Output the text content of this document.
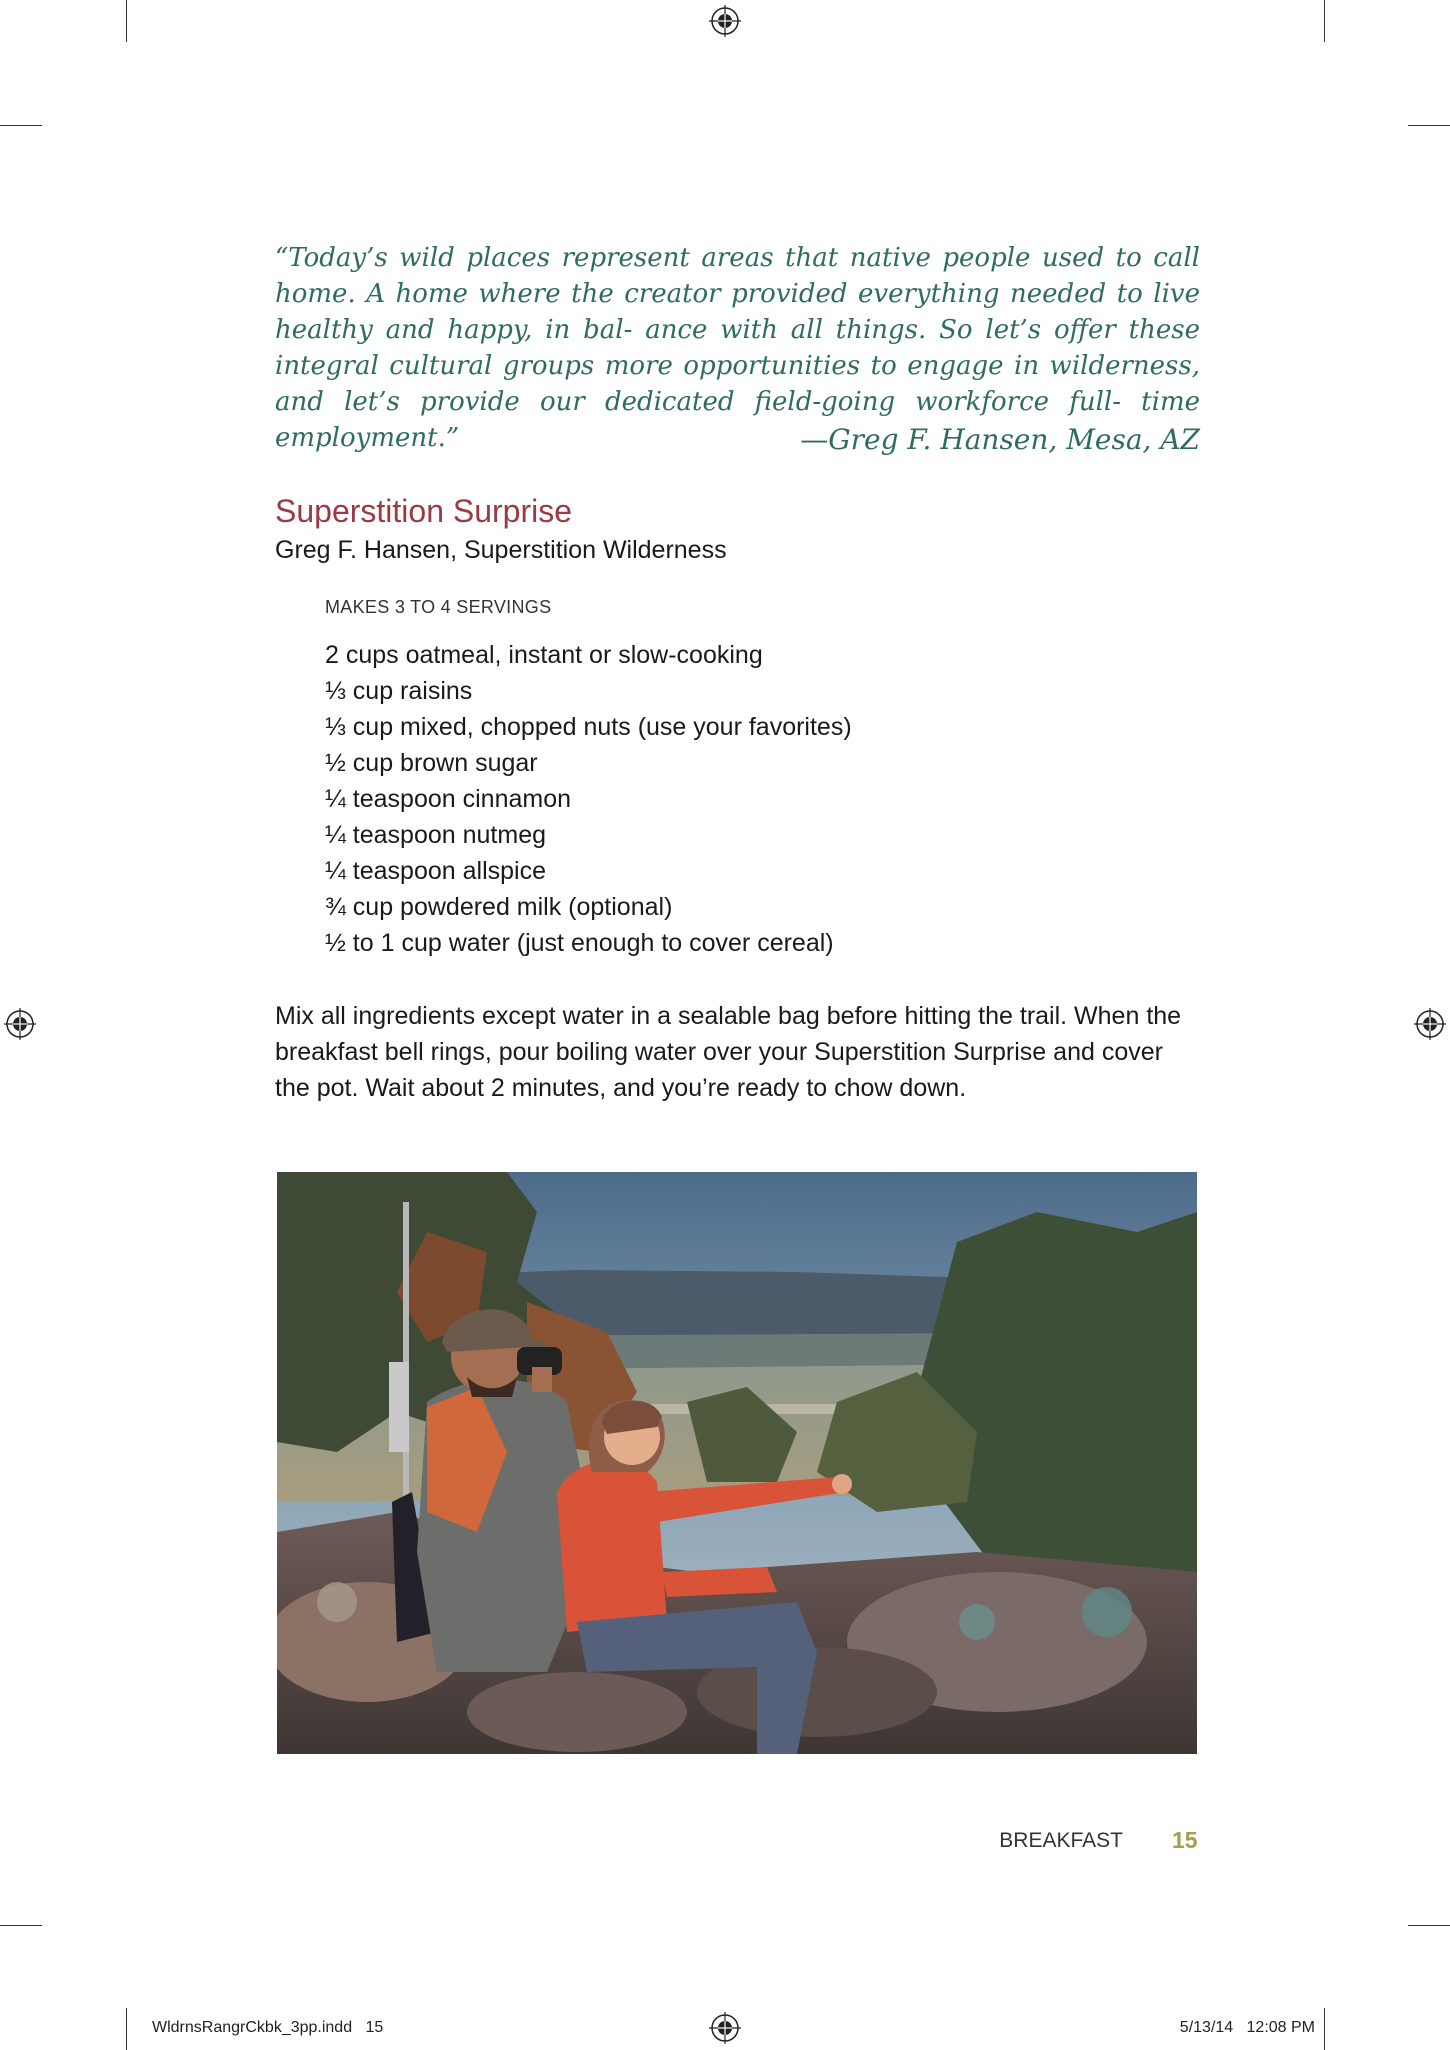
“Today’s wild places represent areas that native people used to call home. A home where the creator provided everything needed to live healthy and happy, in bal- ance with all things. So let’s offer these integral cultural groups more opportunities to engage in wilderness, and let’s provide our dedicated field-going workforce full- time employment.”	—Greg F. Hansen, Mesa, AZ

Superstition Surprise

Greg F. Hansen, Superstition Wilderness

MAKES 3 TO 4 SERVINGS

2 cups oatmeal, instant or slow-cooking
⅓ cup raisins
⅓ cup mixed, chopped nuts (use your favorites)
½ cup brown sugar
¼ teaspoon cinnamon
¼ teaspoon nutmeg
¼ teaspoon allspice
¾ cup powdered milk (optional)
½ to 1 cup water (just enough to cover cereal)

Mix all ingredients except water in a sealable bag before hitting the trail. When the breakfast bell rings, pour boiling water over your Superstition Surprise and cover the pot. Wait about 2 minutes, and you’re ready to chow down.

BREAKFAST 15

WldrnsRangrCkbk_3pp.indd   15	5/13/14   12:08 PM
